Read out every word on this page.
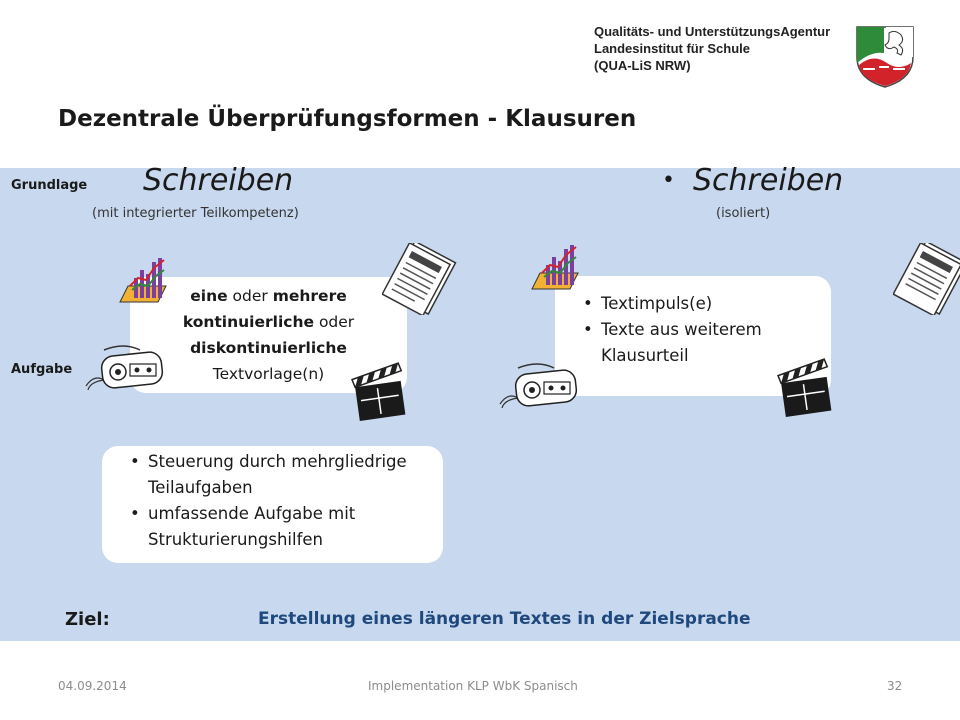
Qualitäts- und UnterstützungsAgentur
Landesinstitut für Schule
(QUA-LiS NRW)
Dezentrale Überprüfungsformen - Klausuren
Grundlage
Aufgabe
Schreiben
(mit integrierter Teilkompetenz)
• Schreiben
(isoliert)
eine oder mehrere
kontinuierliche oder
diskontinuierliche
Textvorlage(n)
• Textimpuls(e)
• Texte aus weiterem Klausurteil
• Steuerung durch mehrgliedrige Teilaufgaben
• umfassende Aufgabe mit Strukturierungshilfen
Ziel:	Erstellung eines längeren Textes in der Zielsprache
04.09.2014	Implementation KLP WbK Spanisch	32
